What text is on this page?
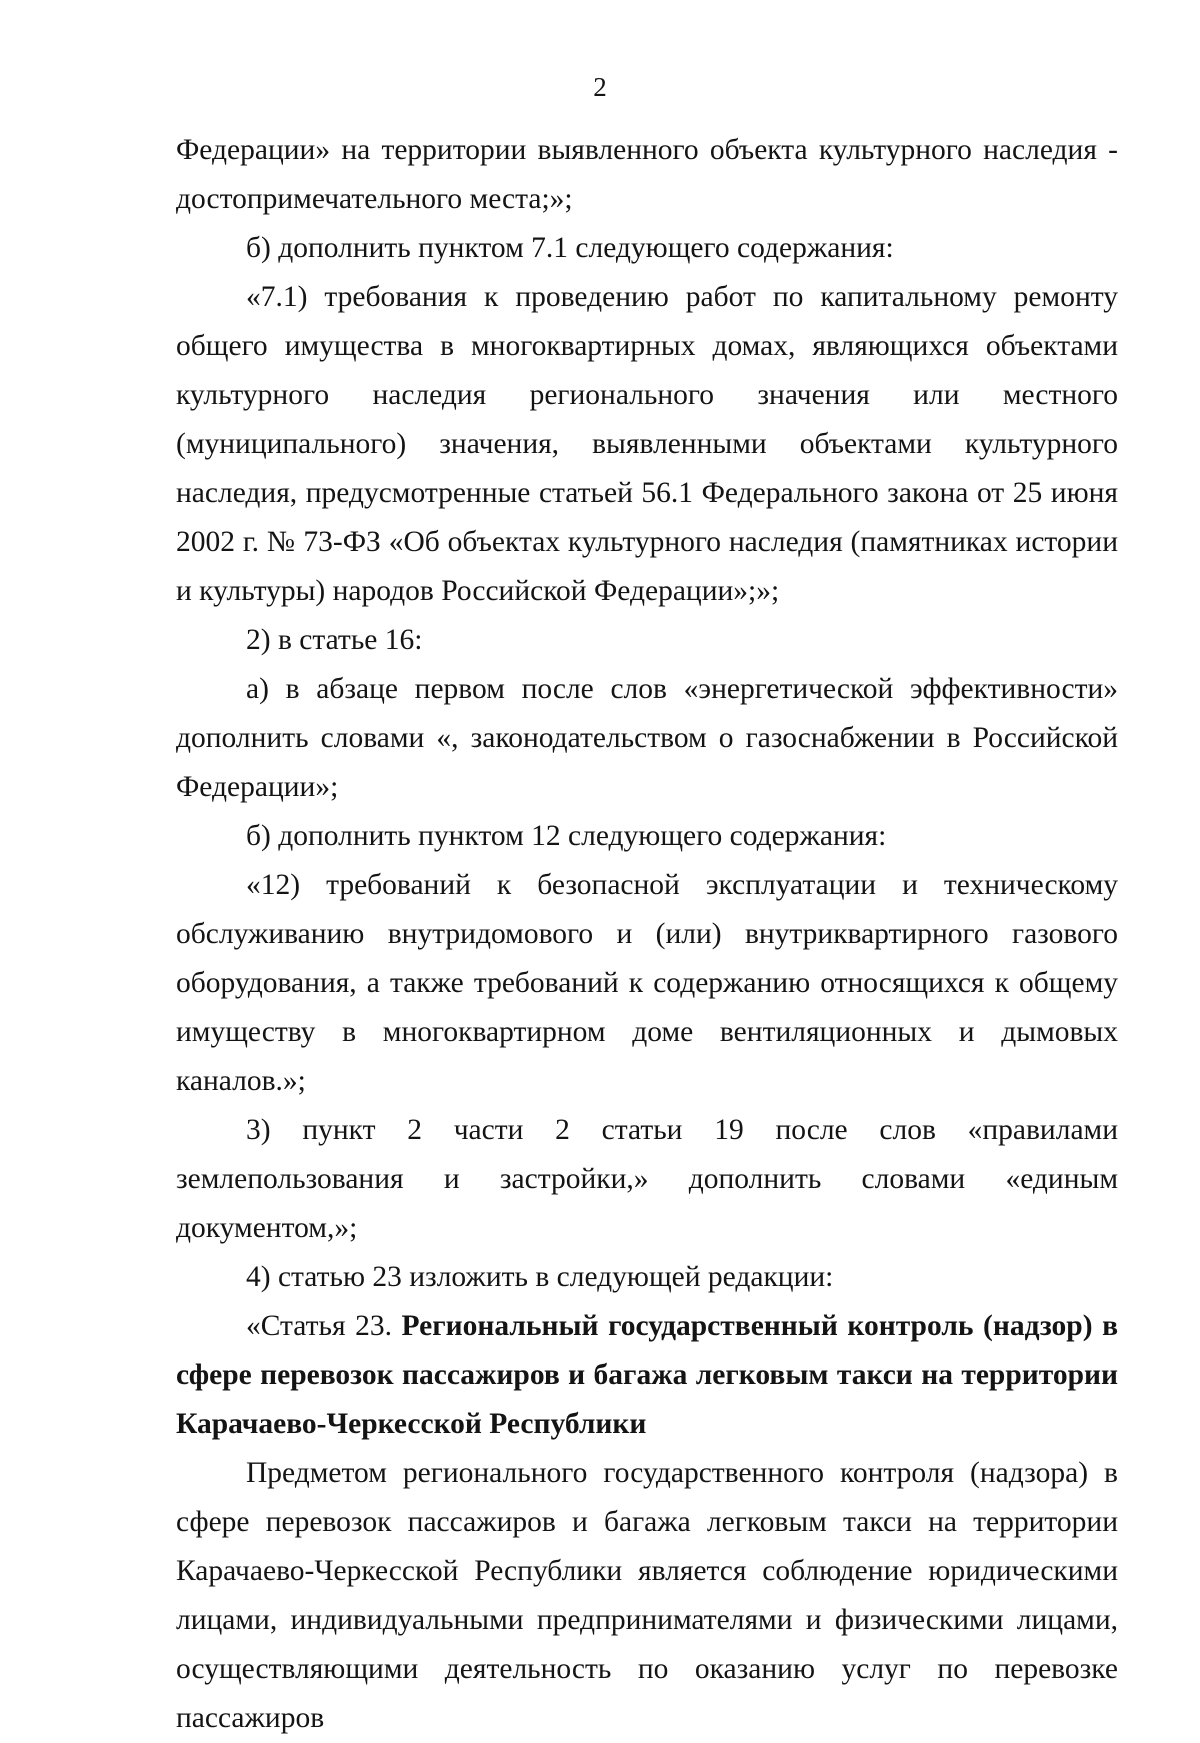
2

Федерации» на территории выявленного объекта культурного наследия - достопримечательного места;»;

б) дополнить пунктом 7.1 следующего содержания:

«7.1) требования к проведению работ по капитальному ремонту общего имущества в многоквартирных домах, являющихся объектами культурного наследия регионального значения или местного (муниципального) значения, выявленными объектами культурного наследия, предусмотренные статьей 56.1 Федерального закона от 25 июня 2002 г. № 73-ФЗ «Об объектах культурного наследия (памятниках истории и культуры) народов Российской Федерации»;»;

2) в статье 16:

а) в абзаце первом после слов «энергетической эффективности» дополнить словами «, законодательством о газоснабжении в Российской Федерации»;

б) дополнить пунктом 12 следующего содержания:

«12) требований к безопасной эксплуатации и техническому обслуживанию внутридомового и (или) внутриквартирного газового оборудования, а также требований к содержанию относящихся к общему имуществу в многоквартирном доме вентиляционных и дымовых каналов.»;

3) пункт 2 части 2 статьи 19 после слов «правилами землепользования и застройки,» дополнить словами «единым документом,»;

4) статью 23 изложить в следующей редакции:

«Статья 23. Региональный государственный контроль (надзор) в сфере перевозок пассажиров и багажа легковым такси на территории Карачаево-Черкесской Республики

Предметом регионального государственного контроля (надзора) в сфере перевозок пассажиров и багажа легковым такси на территории Карачаево-Черкесской Республики является соблюдение юридическими лицами, индивидуальными предпринимателями и физическими лицами, осуществляющими деятельность по оказанию услуг по перевозке пассажиров
